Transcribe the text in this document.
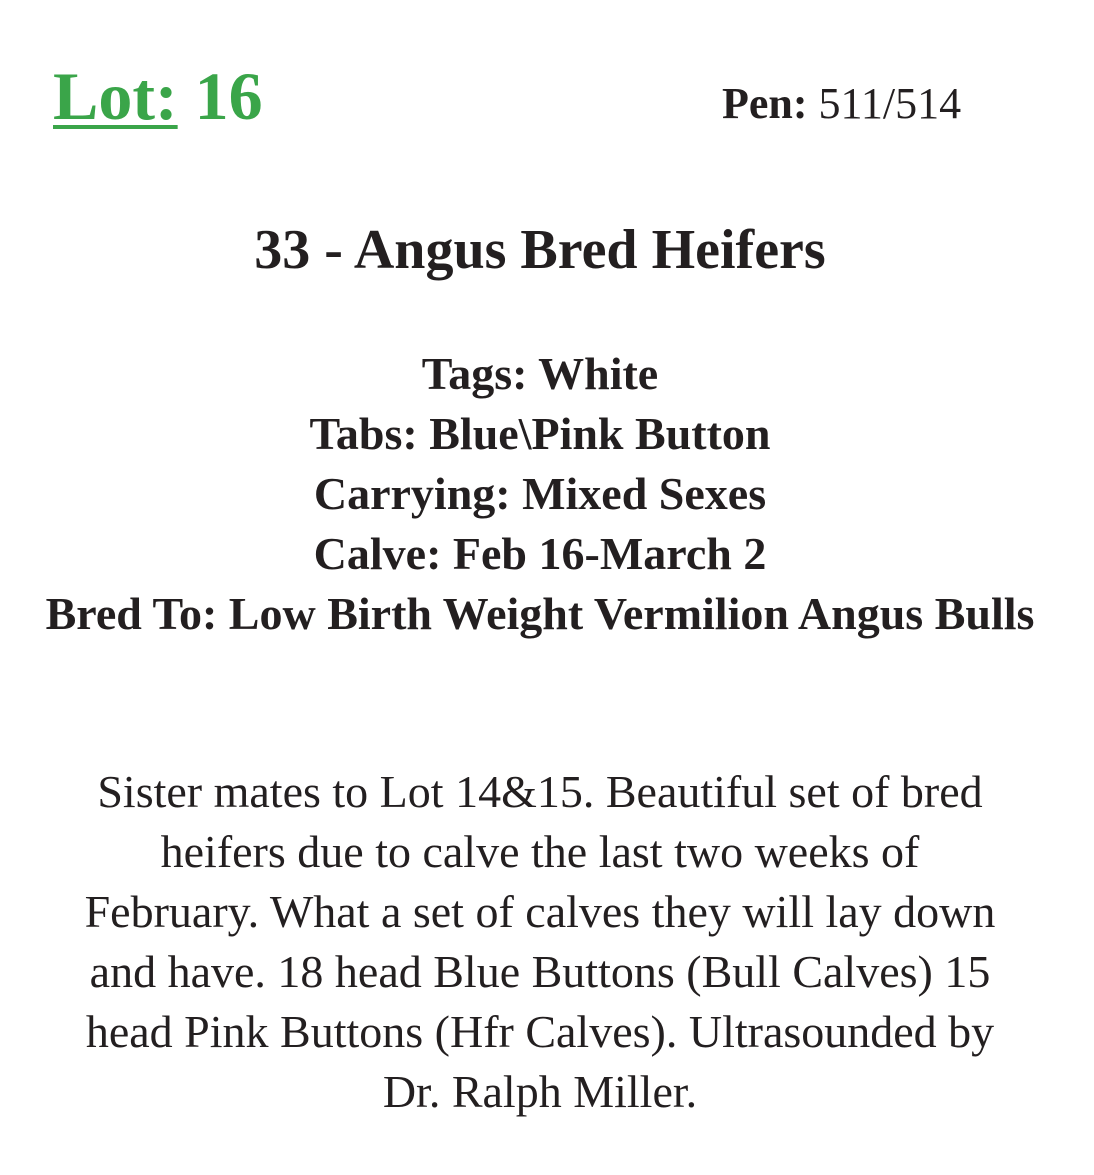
Lot: 16	Pen: 511/514
33 - Angus Bred Heifers
Tags: White
Tabs: Blue\Pink Button
Carrying: Mixed Sexes
Calve: Feb 16-March 2
Bred To: Low Birth Weight Vermilion Angus Bulls
Sister mates to Lot 14&15. Beautiful set of bred heifers due to calve the last two weeks of February. What a set of calves they will lay down and have. 18 head Blue Buttons (Bull Calves) 15 head Pink Buttons (Hfr Calves). Ultrasounded by Dr. Ralph Miller.
